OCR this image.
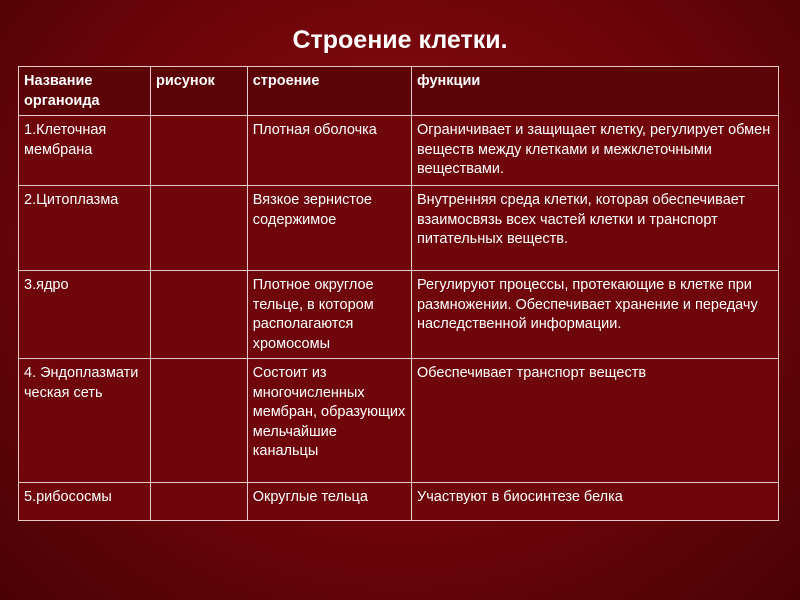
Строение клетки.
Название органоида	рисунок	строение	функции
1.Клеточная мембрана		Плотная оболочка	Ограничивает и защищает клетку, регулирует обмен веществ между клетками и межклеточными веществами.
2.Цитоплазма		Вязкое зернистое содержимое	Внутренняя среда клетки, которая обеспечивает взаимосвязь всех частей клетки и транспорт питательных веществ.
3.ядро		Плотное округлое тельце, в котором располагаются хромосомы	Регулируют процессы, протекающие в клетке при размножении. Обеспечивает хранение и передачу наследственной информации.
4. Эндоплазмати ческая сеть		Состоит из многочисленных мембран, образующих мельчайшие канальцы	Обеспечивает транспорт веществ
5.рибососмы		Округлые тельца	Участвуют в биосинтезе белка
